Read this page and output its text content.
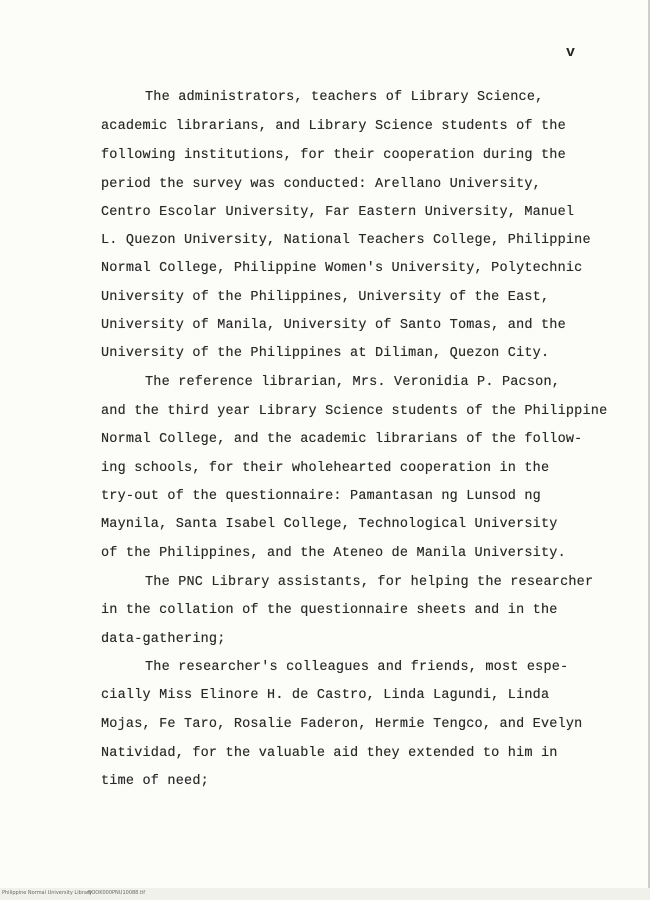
v
The administrators, teachers of Library Science,
academic librarians, and Library Science students of the
following institutions, for their cooperation during the
period the survey was conducted: Arellano University,
Centro Escolar University, Far Eastern University, Manuel
L. Quezon University, National Teachers College, Philippine
Normal College, Philippine Women's University, Polytechnic
University of the Philippines, University of the East,
University of Manila, University of Santo Tomas, and the
University of the Philippines at Diliman, Quezon City.
The reference librarian, Mrs. Veronidia P. Pacson,
and the third year Library Science students of the Philippine
Normal College, and the academic librarians of the follow-
ing schools, for their wholehearted cooperation in the
try-out of the questionnaire: Pamantasan ng Lunsod ng
Maynila, Santa Isabel College, Technological University
of the Philippines, and the Ateneo de Manila University.
The PNC Library assistants, for helping the researcher
in the collation of the questionnaire sheets and in the
data-gathering;
The researcher's colleagues and friends, most espe-
cially Miss Elinore H. de Castro, Linda Lagundi, Linda
Mojas, Fe Taro, Rosalie Faderon, Hermie Tengco, and Evelyn
Natividad, for the valuable aid they extended to him in
time of need;
Philippine Normal University Library
BOOK000PNU10088.tif
